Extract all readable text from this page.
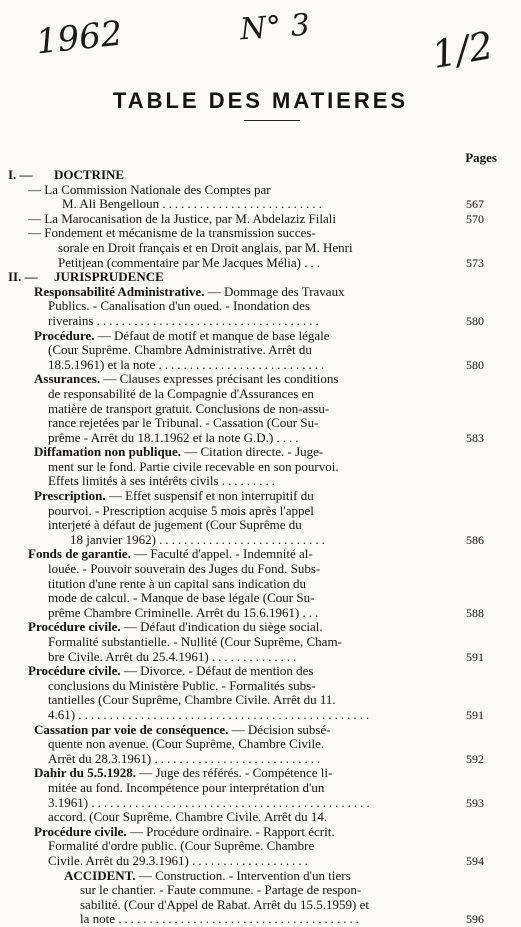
1962	N° 3	1/2
TABLE DES MATIERES
Pages
I. — DOCTRINE
— La Commission Nationale des Comptes par
M. Ali Bengelloun ..........................	567
— La Marocanisation de la Justice, par M. Abdelaziz Filali	570
— Fondement et mécanisme de la transmission succes-
sorale en Droit français et en Droit anglais, par M. Henri
Petitjean (commentaire par Me Jacques Mélia) ...	573
II. — JURISPRUDENCE
Responsabilité Administrative. — Dommage des Travaux
Publics. - Canalisation d'un oued. - Inondation des
riverains ....................................	580
Procédure. — Défaut de motif et manque de base légale
(Cour Suprême. Chambre Administrative. Arrêt du
18.5.1961) et la note ...........................	580
Assurances. — Clauses expresses précisant les conditions
de responsabilité de la Compagnie d'Assurances en
matière de transport gratuit. Conclusions de non-assu-
rance rejetées par le Tribunal. - Cassation (Cour Su-
prême - Arrêt du 18.1.1962 et la note G.D.) ....	583
Diffamation non publique. — Citation directe. - Juge-
ment sur le fond. Partie civile recevable en son pourvoi.
Effets limités à ses intérêts civils .........
Prescription. — Effet suspensif et non interrupitif du
pourvoi. - Prescription acquise 5 mois après l'appel
interjeté à défaut de jugement (Cour Suprême du
18 janvier 1962) ...........................	586
Fonds de garantie. — Faculté d'appel. - Indemnité al-
louée. - Pouvoir souverain des Juges du Fond. Subs-
titution d'une rente à un capital sans indication du
mode de calcul. - Manque de base légale (Cour Su-
prême Chambre Criminelle. Arrêt du 15.6.1961) ...	588
Procédure civile. — Défaut d'indication du siège social.
Formalité substantielle. - Nullité (Cour Suprême, Cham-
bre Civile. Arrêt du 25.4.1961) ..............	591
Procédure civile. — Divorce. - Défaut de mention des
conclusions du Ministère Public. - Formalités subs-
tantielles (Cour Suprême, Chambre Civile. Arrêt du 11.
4.61) ...............................................	591
Cassation par voie de conséquence. — Décision subsé-
quente non avenue. (Cour Suprême, Chambre Civile.
Arrêt du 28.3.1961) ...........................	592
Dahir du 5.5.1928. — Juge des référés. - Compétence li-
mitée au fond. Incompétence pour interprétation d'un
3.1961) .............................................	593
accord. (Cour Suprême. Chambre Civile. Arrêt du 14.
Procédure civile. — Procédure ordinaire. - Rapport écrit.
Formalité d'ordre public. (Cour Suprême. Chambre
Civile. Arrêt du 29.3.1961) ...................	594
ACCIDENT. — Construction. - Intervention d'un tiers
sur le chantier. - Faute commune. - Partage de respon-
sabilité. (Cour d'Appel de Rabat. Arrêt du 15.5.1959) et
la note .......................................	596
